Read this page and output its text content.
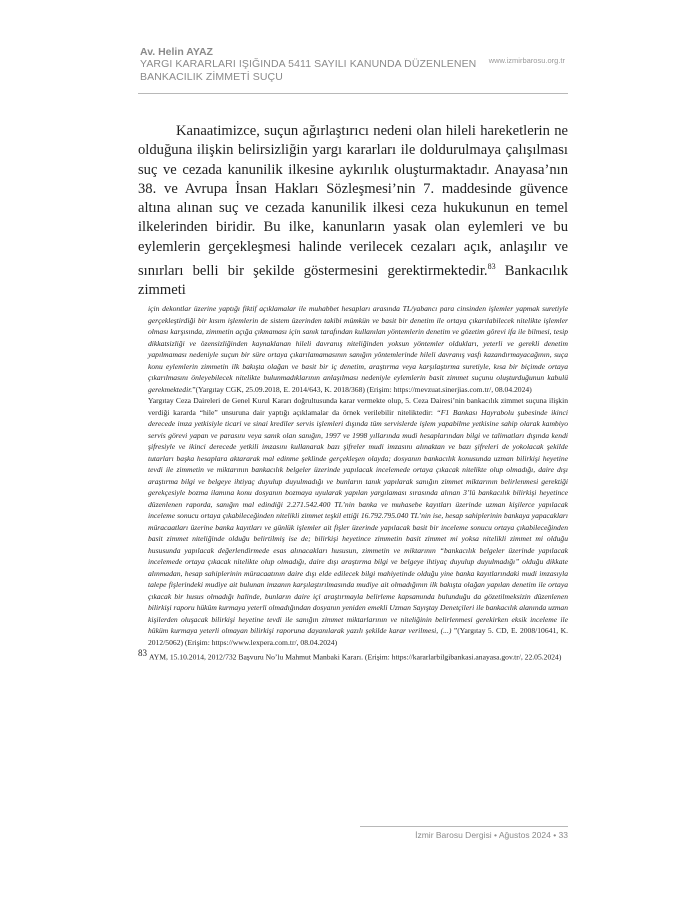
Av. Helin AYAZ
YARGI KARARLARI IŞIĞINDA 5411 SAYILI KANUNDA DÜZENLENEN
BANKACILIK ZİMMETİ SUÇU
www.izmirbarosu.org.tr

Kanaatimizce, suçun ağırlaştırıcı nedeni olan hileli hareketlerin ne olduğuna ilişkin belirsizliğin yargı kararları ile doldurulmaya çalışılması suç ve cezada kanunilik ilkesine aykırılık oluşturmaktadır. Anayasa’nın 38. ve Avrupa İnsan Hakları Sözleşmesi’nin 7. maddesinde güvence altına alınan suç ve cezada kanunilik ilkesi ceza hukukunun en temel ilkelerinden biridir. Bu ilke, kanunların yasak olan eylemleri ve bu eylemlerin gerçekleşmesi halinde verilecek cezaları açık, anlaşılır ve sınırları belli bir şekilde göstermesini gerektirmektedir.$^{83}$ Bankacılık zimmeti

için dekontlar üzerine yaptığı fiktif açıklamalar ile muhabbet hesapları arasında TL/yabancı para cinsinden işlemler yapmak suretiyle gerçekleştirdiği bir kısım işlemlerin de sistem üzerinden takibi mümkün ve basit bir denetim ile ortaya çıkarılabilecek nitelikte işlemler olması karşısında, zimmetin açığa çıkmaması için sanık tarafından kullanılan yöntemlerin denetim ve gözetim görevi ifa ile bilmesi, tesip dikkatsizliği ve özensizliğinden kaynaklanan hileli davranış niteliğinden yoksun yöntemler oldukları, yeterli ve gerekli denetim yapılmaması nedeniyle suçun bir süre ortaya çıkarılamamasının sanığın yöntemlerinde hileli davranış vasfı kazandırmayacağının, suça konu eylemlerin zimmetin ilk bakışta olağan ve basit bir iç denetim, araştırma veya karşılaştırma suretiyle, kısa bir biçimde ortaya çıkarılmasını önleyebilecek nitelikte bulunmadıklarının anlaşılması nedeniyle eylemlerin basit zimmet suçunu oluşturduğunun kabulü gerekmektedir.”(Yargıtay CGK, 25.09.2018, E. 2014/643, K. 2018/368) (Erişim: https://mevzuat.sinerjias.com.tr/, 08.04.2024)

Yargıtay Ceza Daireleri de Genel Kurul Kararı doğrultusunda karar vermekte olup, 5. Ceza Dairesi’nin bankacılık zimmet suçuna ilişkin verdiği kararda “hile” unsuruna dair yaptığı açıklamalar da örnek verilebilir niteliktedir: “F1 Bankası Hayrabolu şubesinde ikinci derecede imza yetkisiyle ticari ve sinai krediler servis işlemleri dışında tüm servislerde işlem yapabilme yetkisine sahip olarak kambiyo servis görevi yapan ve parasını veya sanık olan sanığın, 1997 ve 1998 yıllarında mudi hesaplarından bilgi ve talimatları dışında kendi şifresiyle ve ikinci derecede yetkili imzasını kullanarak bazı şifreler mudi imzasını alınaktan ve bazı şifreleri de yokolacak şekilde tutarları başka hesaplara aktararak mal edinme şeklinde gerçekleşen olayda; dosyanın bankacılık konusunda uzman bilirkişi heyetine tevdi ile zimmetin ve miktarının bankacılık belgeler üzerinde yapılacak incelemede ortaya çıkacak nitelikte olup olmadığı, daire dışı araştırma bilgi ve belgeye ihtiyaç duyulup duyulmadığı ve bunların tanık yapılarak sanığın zimmet miktarının belirlenmesi gerektiği gerekçesiyle bozma ilamına konu dosyanın bozmaya uyularak yapılan yargılaması sırasında alınan 3’lü bankacılık bilirkişi heyetince düzenlenen raporda, sanığın mal edindiği 2.271.542.400 TL’nin banka ve muhasebe kayıtları üzerinde uzman kişilerce yapılacak inceleme sonucu ortaya çıkabileceğinden nitelikli zimmet teşkil ettiği 16.792.795.040 TL’nin ise, hesap sahiplerinin bankaya yapacakları müracaatları üzerine banka kayıtları ve günlük işlemler ait fişler üzerinde yapılacak basit bir inceleme sonucu ortaya çıkabileceğinden basit zimmet niteliğinde olduğu belirtilmiş ise de; bilirkişi heyetince zimmetin basit zimmet mi yoksa nitelikli zimmet mi olduğu hususunda yapılacak değerlendirmede esas alınacakları hususun, zimmetin ve miktarının “bankacılık belgeler üzerinde yapılacak incelemede ortaya çıkacak nitelikte olup olmadığı, daire dışı araştırma bilgi ve belgeye ihtiyaç duyulup duyulmadığı” olduğu dikkate alınmadan, hesap sahiplerinin müracaatının daire dışı elde edilecek bilgi mahiyetinde olduğu yine banka kayıtlarındaki mudi imzasıyla talepe fişlerindeki mudiye ait bulunan imzanın karşılaştırılmasında mudiye ait olmadığının ilk bakışta olağan yapılan denetim ile ortaya çıkacak bir husus olmadığı halinde, bunların daire içi araştırmayla belirleme kapsamında bulunduğu da gözetilmeksizin düzenlenen bilirkişi raporu hüküm kurmaya yeterli olmadığından dosyanın yeniden emekli Uzman Sayıştay Denetçileri ile bankacılık alanında uzman kişilerden oluşacak bilirkişi heyetine tevdi ile sanığın zimmet miktarlarının ve niteliğinin belirlenmesi gerekirken eksik inceleme ile hüküm kurmaya yeterli olmayan bilirkişi raporuna dayanılarak yazılı şekilde karar verilmesi, (...) ”(Yargıtay 5. CD, E. 2008/10641, K. 2012/5062) (Erişim: https://www.lexpera.com.tr/, 08.04.2024)

83 AYM, 15.10.2014, 2012/732 Başvuru No’lu Mahmut Manbaki Kararı. (Erişim: https://kararlarbilgibankasi.anayasa.gov.tr/, 22.05.2024)

İzmir Barosu Dergisi • Ağustos 2024 • 33
